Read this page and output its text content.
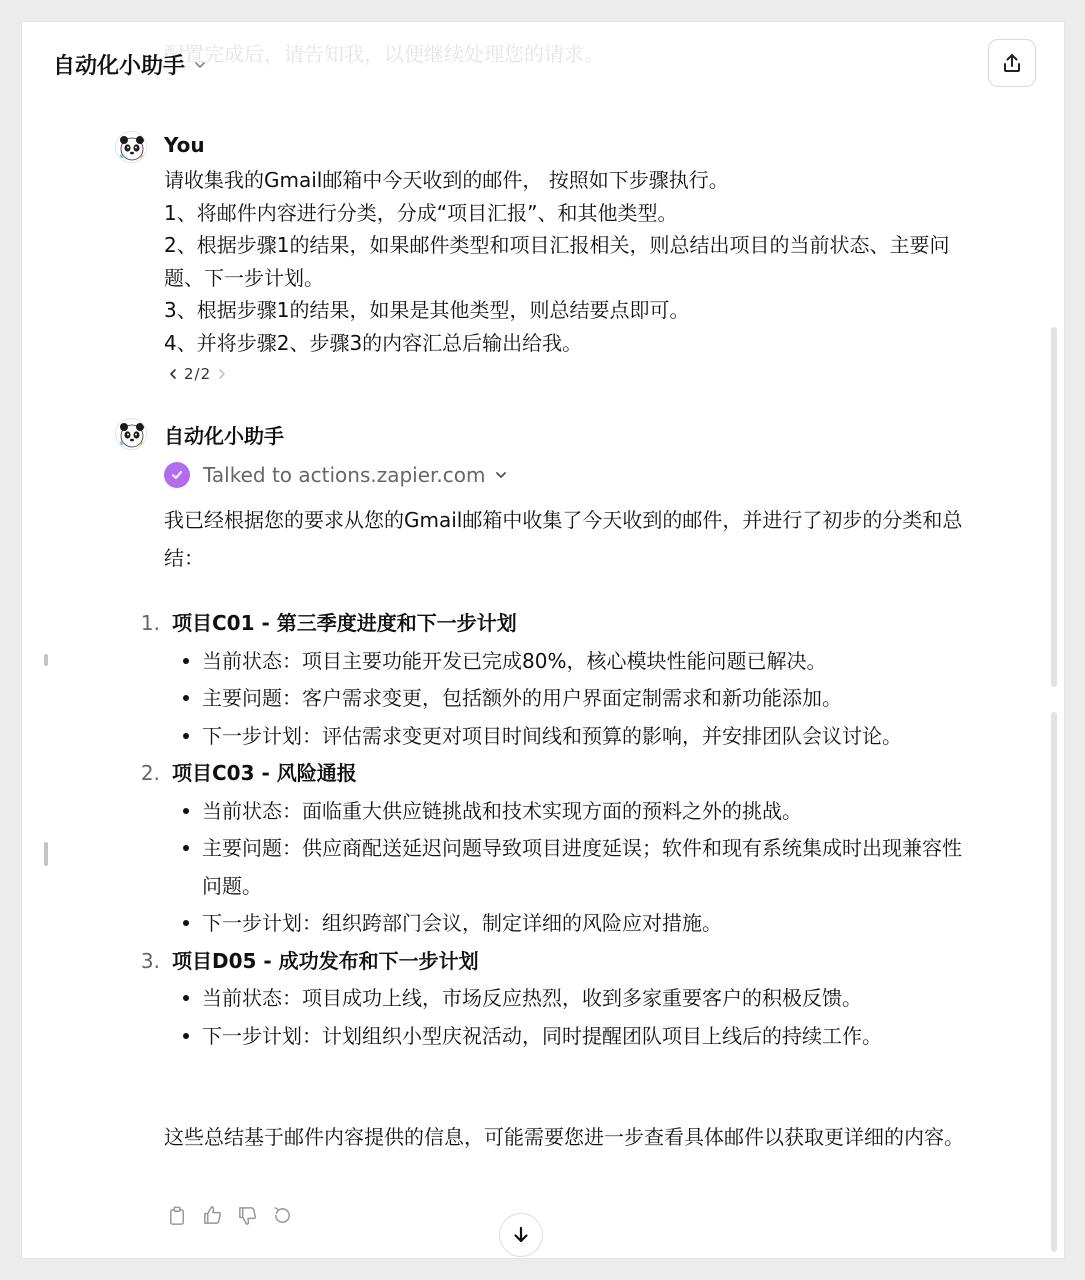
配置完成后，请告知我，以便继续处理您的请求。
自动化小助手
You
请收集我的Gmail邮箱中今天收到的邮件， 按照如下步骤执行。
1、将邮件内容进行分类，分成“项目汇报”、和其他类型。
2、根据步骤1的结果，如果邮件类型和项目汇报相关，则总结出项目的当前状态、主要问题、下一步计划。
3、根据步骤1的结果，如果是其他类型，则总结要点即可。
4、并将步骤2、步骤3的内容汇总后输出给我。
2/2
自动化小助手
Talked to actions.zapier.com
我已经根据您的要求从您的Gmail邮箱中收集了今天收到的邮件，并进行了初步的分类和总结：
1. 项目C01 - 第三季度进度和下一步计划
当前状态：项目主要功能开发已完成80%，核心模块性能问题已解决。
主要问题：客户需求变更，包括额外的用户界面定制需求和新功能添加。
下一步计划：评估需求变更对项目时间线和预算的影响，并安排团队会议讨论。
2. 项目C03 - 风险通报
当前状态：面临重大供应链挑战和技术实现方面的预料之外的挑战。
主要问题：供应商配送延迟问题导致项目进度延误；软件和现有系统集成时出现兼容性问题。
下一步计划：组织跨部门会议，制定详细的风险应对措施。
3. 项目D05 - 成功发布和下一步计划
当前状态：项目成功上线，市场反应热烈，收到多家重要客户的积极反馈。
下一步计划：计划组织小型庆祝活动，同时提醒团队项目上线后的持续工作。
这些总结基于邮件内容提供的信息，可能需要您进一步查看具体邮件以获取更详细的内容。
